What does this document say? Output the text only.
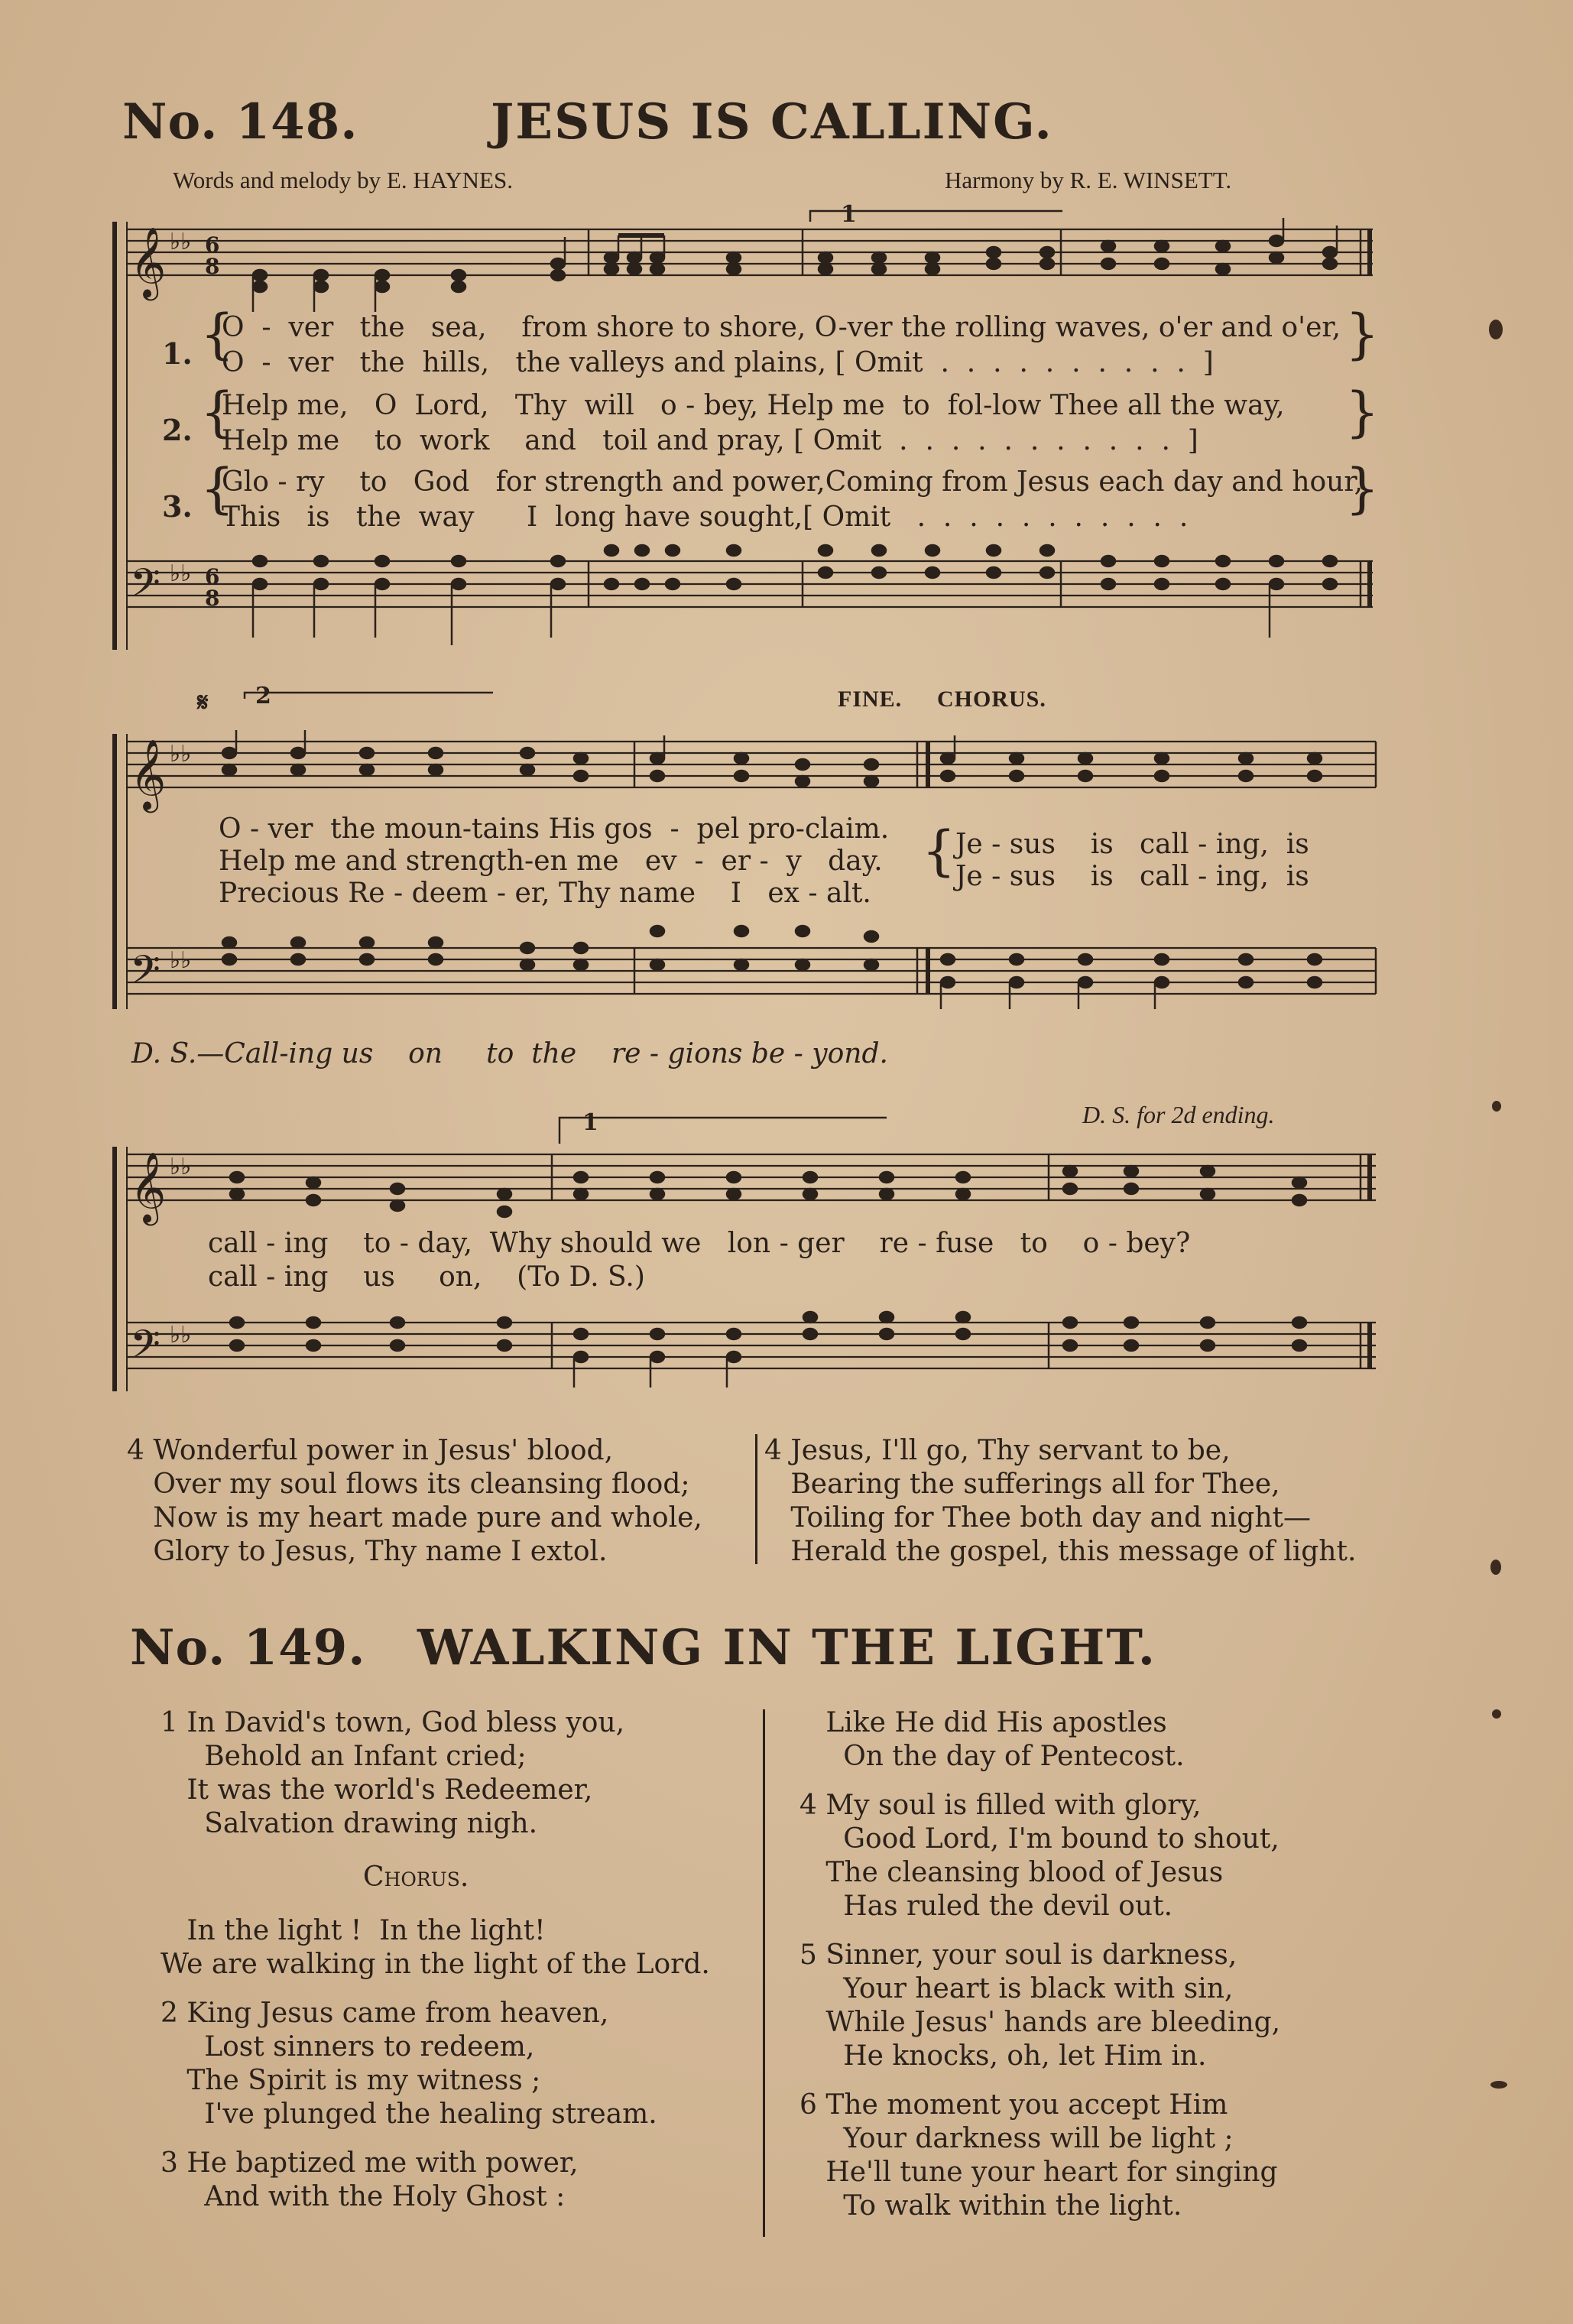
No. 148.	JESUS IS CALLING.
Words and melody by E. HAYNES.	Harmony by R. E. WINSETT.
1
𝄞
𝄢
♭♭
♭♭
6
8
6
8
1. {
O  -  ver   the   sea,    from shore to shore, O-ver the rolling waves, o'er and o'er,
O  -  ver   the  hills,   the valleys and plains, [ Omit  .  .  .  .  .  .  .  .  .  .  ] }
2. {
Help me,   O  Lord,   Thy  will   o - bey, Help me  to  fol-low Thee all the way,
Help me    to  work    and   toil and pray, [ Omit  .  .  .  .  .  .  .  .  .  .  .  ]	}
3. {
Glo - ry    to   God   for strength and power,Coming from Jesus each day and hour,
This   is   the  way      I  long have sought,[ Omit   .  .  .  .  .  .  .  .  .  .  .	}
𝄋 2
𝄞
𝄢
♭♭
♭♭
FINE. CHORUS.
O - ver  the moun-tains His gos  -  pel pro-claim.
Help me and strength-en me   ev  -  er -  y   day.
Precious Re - deem - er, Thy name    I   ex - alt.
{ Je - sus    is   call - ing,  is
Je - sus    is   call - ing,  is
D. S.—Call-ing us    on     to  the    re - gions be - yond.
1
𝄞
𝄢
♭♭
♭♭
D. S. for 2d ending.
call - ing    to - day,  Why should we   lon - ger    re - fuse   to    o - bey?
call - ing    us     on,    (To D. S.)
4 Wonderful power in Jesus' blood,
Over my soul flows its cleansing flood;
Now is my heart made pure and whole,
Glory to Jesus, Thy name I extol.
4 Jesus, I'll go, Thy servant to be,
Bearing the sufferings all for Thee,
Toiling for Thee both day and night—
Herald the gospel, this message of light.
No. 149. WALKING IN THE LIGHT.
1 In David's town, God bless you,
Behold an Infant cried;
It was the world's Redeemer,
Salvation drawing nigh.
Chorus.
In the light !  In the light!
We are walking in the light of the Lord.
2 King Jesus came from heaven,
Lost sinners to redeem,
The Spirit is my witness ;
I've plunged the healing stream.
3 He baptized me with power,
And with the Holy Ghost :
Like He did His apostles
On the day of Pentecost.
4 My soul is filled with glory,
Good Lord, I'm bound to shout,
The cleansing blood of Jesus
Has ruled the devil out.
5 Sinner, your soul is darkness,
Your heart is black with sin,
While Jesus' hands are bleeding,
He knocks, oh, let Him in.
6 The moment you accept Him
Your darkness will be light ;
He'll tune your heart for singing
To walk within the light.
